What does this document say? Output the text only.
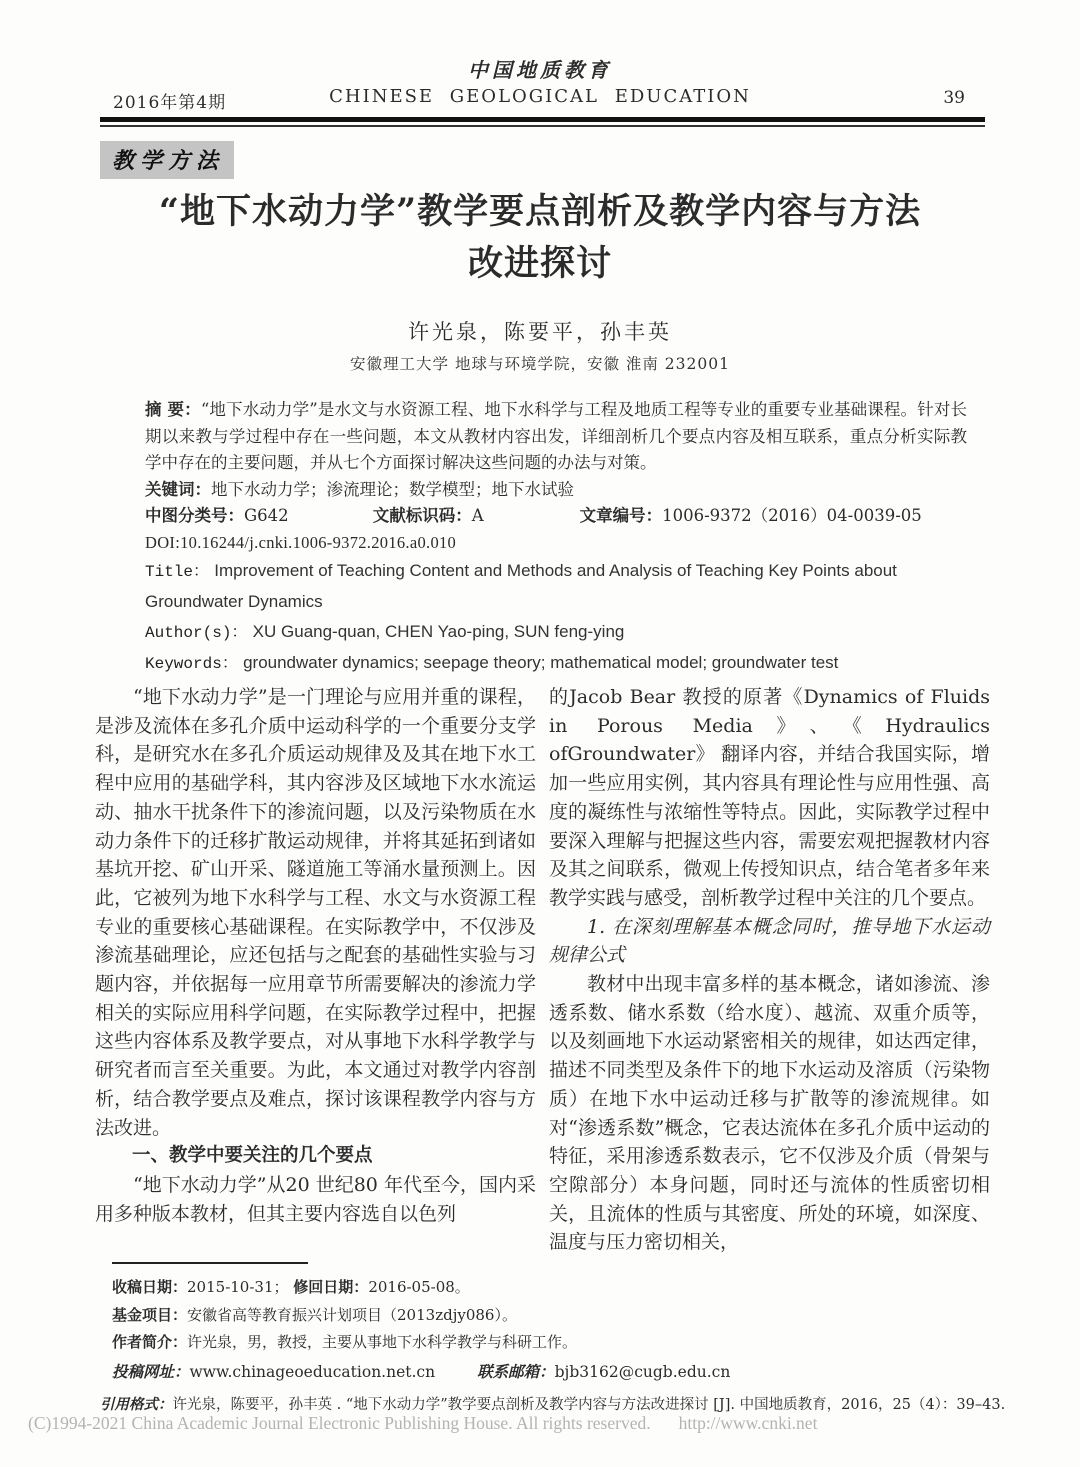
2016年第4期
中国地质教育
CHINESE GEOLOGICAL EDUCATION	39
教学方法
“地下水动力学”教学要点剖析及教学内容与方法
改进探讨
许光泉，陈要平，孙丰英
安徽理工大学 地球与环境学院，安徽 淮南 232001
摘 要：“地下水动力学”是水文与水资源工程、地下水科学与工程及地质工程等专业的重要专业基础课程。针对长期以来教与学过程中存在一些问题，本文从教材内容出发，详细剖析几个要点内容及相互联系，重点分析实际教学中存在的主要问题，并从七个方面探讨解决这些问题的办法与对策。
关键词：地下水动力学；渗流理论；数学模型；地下水试验
中图分类号：G642	文献标识码：A	文章编号：1006-9372（2016）04-0039-05
DOI:10.16244/j.cnki.1006-9372.2016.a0.010
Title： Improvement of Teaching Content and Methods and Analysis of Teaching Key Points about Groundwater Dynamics
Author(s)： XU Guang-quan, CHEN Yao-ping, SUN feng-ying
Keywords： groundwater dynamics; seepage theory; mathematical model; groundwater test

“地下水动力学”是一门理论与应用并重的课程，是涉及流体在多孔介质中运动科学的一个重要分支学科，是研究水在多孔介质运动规律及及其在地下水工程中应用的基础学科，其内容涉及区域地下水水流运动、抽水干扰条件下的渗流问题，以及污染物质在水动力条件下的迁移扩散运动规律，并将其延拓到诸如基坑开挖、矿山开采、隧道施工等涌水量预测上。因此，它被列为地下水科学与工程、水文与水资源工程专业的重要核心基础课程。在实际教学中，不仅涉及渗流基础理论，应还包括与之配套的基础性实验与习题内容，并依据每一应用章节所需要解决的渗流力学相关的实际应用科学问题，在实际教学过程中，把握这些内容体系及教学要点，对从事地下水科学教学与研究者而言至关重要。为此，本文通过对教学内容剖析，结合教学要点及难点，探讨该课程教学内容与方法改进。

一、教学中要关注的几个要点

“地下水动力学”从20 世纪80 年代至今，国内采用多种版本教材，但其主要内容选自以色列

的Jacob Bear 教授的原著《Dynamics of Fluids in Porous Media》、《Hydraulics ofGroundwater》 翻译内容，并结合我国实际，增加一些应用实例，其内容具有理论性与应用性强、高度的凝练性与浓缩性等特点。因此，实际教学过程中要深入理解与把握这些内容，需要宏观把握教材内容及其之间联系，微观上传授知识点，结合笔者多年来教学实践与感受，剖析教学过程中关注的几个要点。

1. 在深刻理解基本概念同时，推导地下水运动规律公式

教材中出现丰富多样的基本概念，诸如渗流、渗透系数、储水系数（给水度）、越流、双重介质等，以及刻画地下水运动紧密相关的规律，如达西定律，描述不同类型及条件下的地下水运动及溶质（污染物质）在地下水中运动迁移与扩散等的渗流规律。如对“渗透系数”概念，它表达流体在多孔介质中运动的特征，采用渗透系数表示，它不仅涉及介质（骨架与空隙部分）本身问题，同时还与流体的性质密切相关，且流体的性质与其密度、所处的环境，如深度、温度与压力密切相关，

收稿日期：2015-10-31； 修回日期：2016-05-08。
基金项目：安徽省高等教育振兴计划项目（2013zdjy086）。
作者简介：许光泉，男，教授，主要从事地下水科学教学与科研工作。
投稿网址：www.chinageoeducation.net.cn	联系邮箱：bjb3162@cugb.edu.cn
引用格式：许光泉，陈要平，孙丰英 . “地下水动力学”教学要点剖析及教学内容与方法改进探讨 [J]. 中国地质教育，2016，25（4）：39–43.
(C)1994-2021 China Academic Journal Electronic Publishing House. All rights reserved. http://www.cnki.net
